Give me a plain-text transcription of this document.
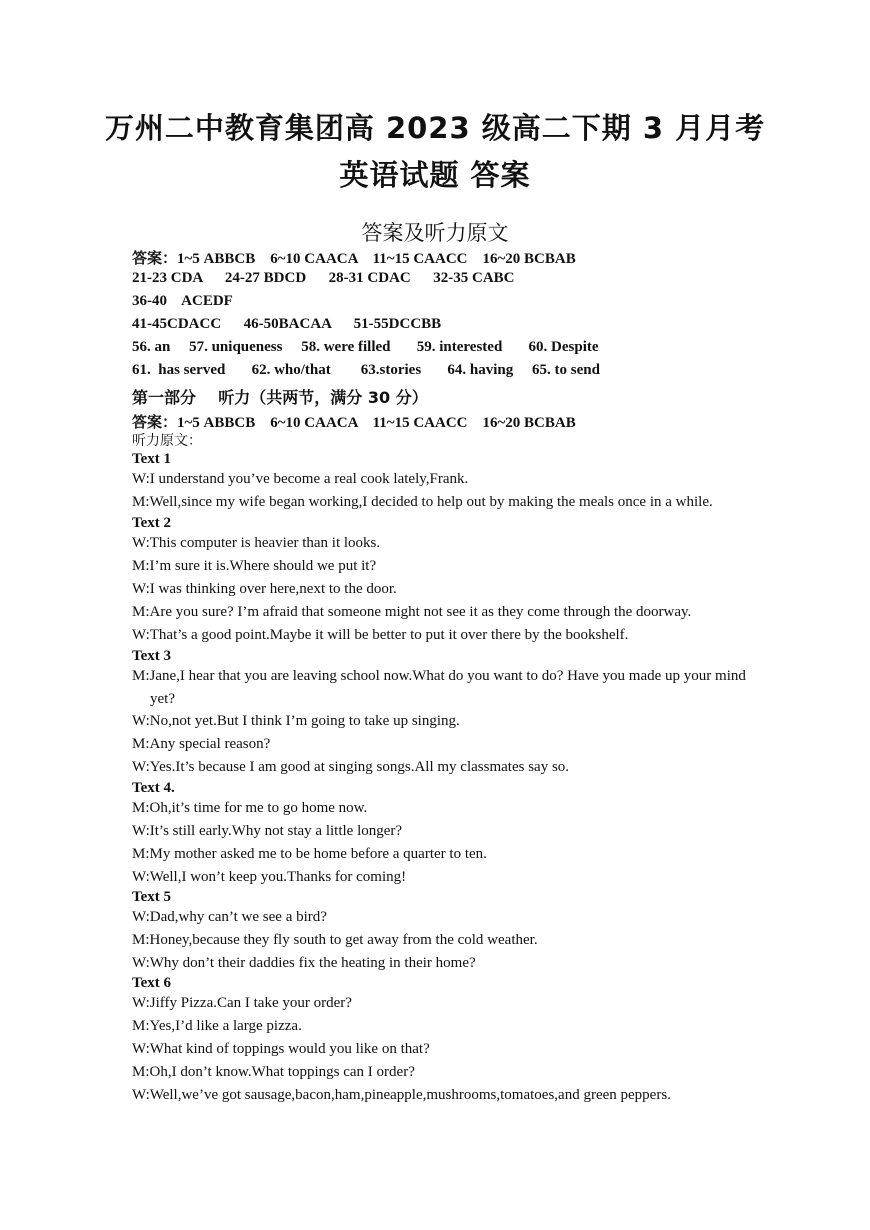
万州二中教育集团高 2023 级高二下期 3 月月考
英语试题 答案
答案及听力原文
答案：1~5 ABBCB    6~10 CAACA    11~15 CAACC    16~20 BCBAB
21-23 CDA      24-27 BDCD      28-31 CDAC      32-35 CABC
36-40    ACEDF
41-45CDACC      46-50BACAA      51-55DCCBB
56. an     57. uniqueness     58. were filled       59. interested       60. Despite
61.  has served       62. who/that        63.stories       64. having     65. to send
第一部分    听力（共两节，满分 30 分）
答案：1~5 ABBCB    6~10 CAACA    11~15 CAACC    16~20 BCBAB
听力原文：
Text 1
W:I understand you’ve become a real cook lately,Frank.
M:Well,since my wife began working,I decided to help out by making the meals once in a while.
Text 2
W:This computer is heavier than it looks.
M:I’m sure it is.Where should we put it?
W:I was thinking over here,next to the door.
M:Are you sure? I’m afraid that someone might not see it as they come through the doorway.
W:That’s a good point.Maybe it will be better to put it over there by the bookshelf.
Text 3
M:Jane,I hear that you are leaving school now.What do you want to do? Have you made up your mind yet?
W:No,not yet.But I think I’m going to take up singing.
M:Any special reason?
W:Yes.It’s because I am good at singing songs.All my classmates say so.
Text 4.
M:Oh,it’s time for me to go home now.
W:It’s still early.Why not stay a little longer?
M:My mother asked me to be home before a quarter to ten.
W:Well,I won’t keep you.Thanks for coming!
Text 5
W:Dad,why can’t we see a bird?
M:Honey,because they fly south to get away from the cold weather.
W:Why don’t their daddies fix the heating in their home?
Text 6
W:Jiffy Pizza.Can I take your order?
M:Yes,I’d like a large pizza.
W:What kind of toppings would you like on that?
M:Oh,I don’t know.What toppings can I order?
W:Well,we’ve got sausage,bacon,ham,pineapple,mushrooms,tomatoes,and green peppers.
